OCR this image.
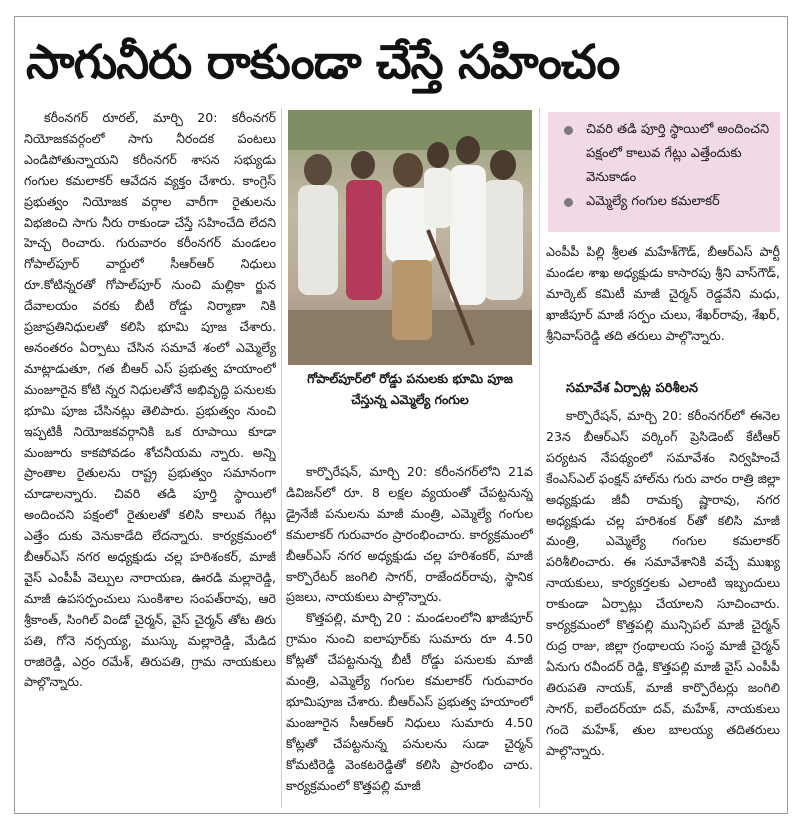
సాగునీరు రాకుండా చేస్తే సహించం

కరీంనగర్ రూరల్, మార్చి 20: కరీంనగర్ నియోజకవర్గంలో సాగు నీరందక పంటలు ఎండిపోతున్నాయని కరీంనగర్ శాసన సభ్యుడు గంగుల కమలాకర్ ఆవేదన వ్యక్తం చేశారు. కాంగ్రెస్ ప్రభుత్వం నియోజక వర్గాల వారీగా రైతులను విభజించి సాగు నీరు రాకుండా చేస్తే సహించేది లేదని హెచ్చ రించారు. గురువారం కరీంనగర్ మండలం గోపాల్‌పూర్ వార్డులో సీఆర్ఆర్ నిధులు రూ.కోటిన్నరతో గోపాల్‌పూర్ నుంచి మల్లికా ర్జున దేవాలయం వరకు బీటీ రోడ్డు నిర్మాణా నికి ప్రజాప్రతినిధులతో కలిసి భూమి పూజ చేశారు. అనంతరం ఏర్పాటు చేసిన సమావే శంలో ఎమ్మెల్యే మాట్లాడుతూ, గత బీఆర్ ఎస్ ప్రభుత్వ హయాంలో మంజూరైన కోటి న్నర నిధులతోనే అభివృద్ధి పనులకు భూమి పూజ చేసినట్లు తెలిపారు. ప్రభుత్వం నుంచి ఇప్పటికీ నియోజకవర్గానికి ఒక రూపాయి కూడా మంజూరు కాకపోవడం శోచనీయమ న్నారు. అన్ని ప్రాంతాల రైతులను రాష్ట్ర ప్రభుత్వం సమానంగా చూడాలన్నారు. చివరి తడి పూర్తి స్థాయిలో అందించని పక్షంలో రైతులతో కలిసి కాలువ గేట్లు ఎత్తేం దుకు వెనుకాడేది లేదన్నారు. కార్యక్రమంలో బీఆర్ఎస్ నగర అధ్యక్షుడు చల్ల హరిశంకర్, మాజీ వైస్ ఎంపీపీ వెల్పుల నారాయణ, ఊరడి మల్లారెడ్డి, మాజీ ఉపసర్పంచులు సుంకిశాల సంపత్‌రావు, ఆరె శ్రీకాంత్, సింగిల్ విండో చైర్మన్, వైస్ చైర్మన్ తోట తిరు పతి, గోనె నర్సయ్య, ముస్కు మల్లారెడ్డి, మేడిద రాజిరెడ్డి, ఎర్రం రమేశ్, తిరుపతి, గ్రామ నాయకులు పాల్గొన్నారు.

గోపాల్‌పూర్‌లో రోడ్డు పనులకు భూమి పూజ చేస్తున్న ఎమ్మెల్యే గంగుల

కార్పొరేషన్, మార్చి 20: కరీంనగర్‌లోని 21వ డివిజన్‌లో రూ. 8 లక్షల వ్యయంతో చేపట్టనున్న డ్రైనేజీ పనులను మాజీ మంత్రి, ఎమ్మెల్యే గంగుల కమలాకర్ గురువారం ప్రారంభించారు. కార్యక్రమంలో బీఆర్ఎస్ నగర అధ్యక్షుడు చల్ల హరిశంకర్, మాజీ కార్పొరేటర్ జంగిలి సాగర్, రాజేందర్‌రావు, స్థానిక ప్రజలు, నాయకులు పాల్గొన్నారు.

కొత్తపల్లి, మార్చి 20 : మండలంలోని ఖాజీపూర్ గ్రామం నుంచి ఐలాపూర్‌కు సుమారు రూ 4.50 కోట్లతో చేపట్టనున్న బీటీ రోడ్డు పనులకు మాజీ మంత్రి, ఎమ్మెల్యే గంగుల కమలాకర్ గురువారం భూమిపూజ చేశారు. బీఆర్ఎస్ ప్రభుత్వ హయాంలో మంజూరైన సీఆర్ఆర్ నిధులు సుమారు 4.50 కోట్లతో చేపట్టనున్న పనులను సుడా చైర్మన్ కోమటిరెడ్డి వెంకటరెడ్డితో కలిసి ప్రారంభిం చారు. కార్యక్రమంలో కొత్తపల్లి మాజీ

చివరి తడి పూర్తి స్థాయిలో అందించని పక్షంలో కాలువ గేట్లు ఎత్తేందుకు వెనుకాడం
ఎమ్మెల్యే గంగుల కమలాకర్

ఎంపీపీ పిల్లి శ్రీలత మహేశ్‌గౌడ్, బీఆర్ఎస్ పార్టీ మండల శాఖ అధ్యక్షుడు కాసారపు శ్రీని వాస్‌గౌడ్, మార్కెట్ కమిటీ మాజీ చైర్మన్ రెడ్డవేని మధు, ఖాజీపూర్ మాజీ సర్పం చులు, శేఖర్‌రావు, శేఖర్, శ్రీనివాస్‌రెడ్డి తది తరులు పాల్గొన్నారు.

సమావేశ ఏర్పాట్ల పరిశీలన

కార్పొరేషన్, మార్చి 20: కరీంనగర్‌లో ఈనెల 23న బీఆర్ఎస్ వర్కింగ్ ప్రెసిడెంట్ కేటీఆర్ పర్యటన నేపథ్యంలో సమావేశం నిర్వహించే కేంఎస్ఎల్ ఫంక్షన్ హాల్‌ను గురు వారం రాత్రి జిల్లా అధ్యక్షుడు జీవీ రామకృ ష్ణారావు, నగర అధ్యక్షుడు చల్ల హరిశంక ర్‌తో కలిసి మాజీ మంత్రి, ఎమ్మెల్యే గంగుల కమలాకర్ పరిశీలించారు. ఈ సమావేశానికి వచ్చే ముఖ్య నాయకులు, కార్యకర్తలకు ఎలాంటి ఇబ్బందులు రాకుండా ఏర్పాట్లు చేయాలని సూచించారు. కార్యక్రమంలో కొత్తపల్లి మున్సిపల్ మాజీ చైర్మన్ రుద్ర రాజు, జిల్లా గ్రంథాలయ సంస్థ మాజీ చైర్మన్ ఏనుగు రవీందర్ రెడ్డి, కొత్తపల్లి మాజీ వైస్ ఎంపీపీ తిరుపతి నాయక్, మాజీ కార్పొరేటర్లు జంగిలి సాగర్, ఐలేందర్‌యా దవ్, మహేశ్, నాయకులు గందె మహేశ్, తుల బాలయ్య తదితరులు పాల్గొన్నారు.
